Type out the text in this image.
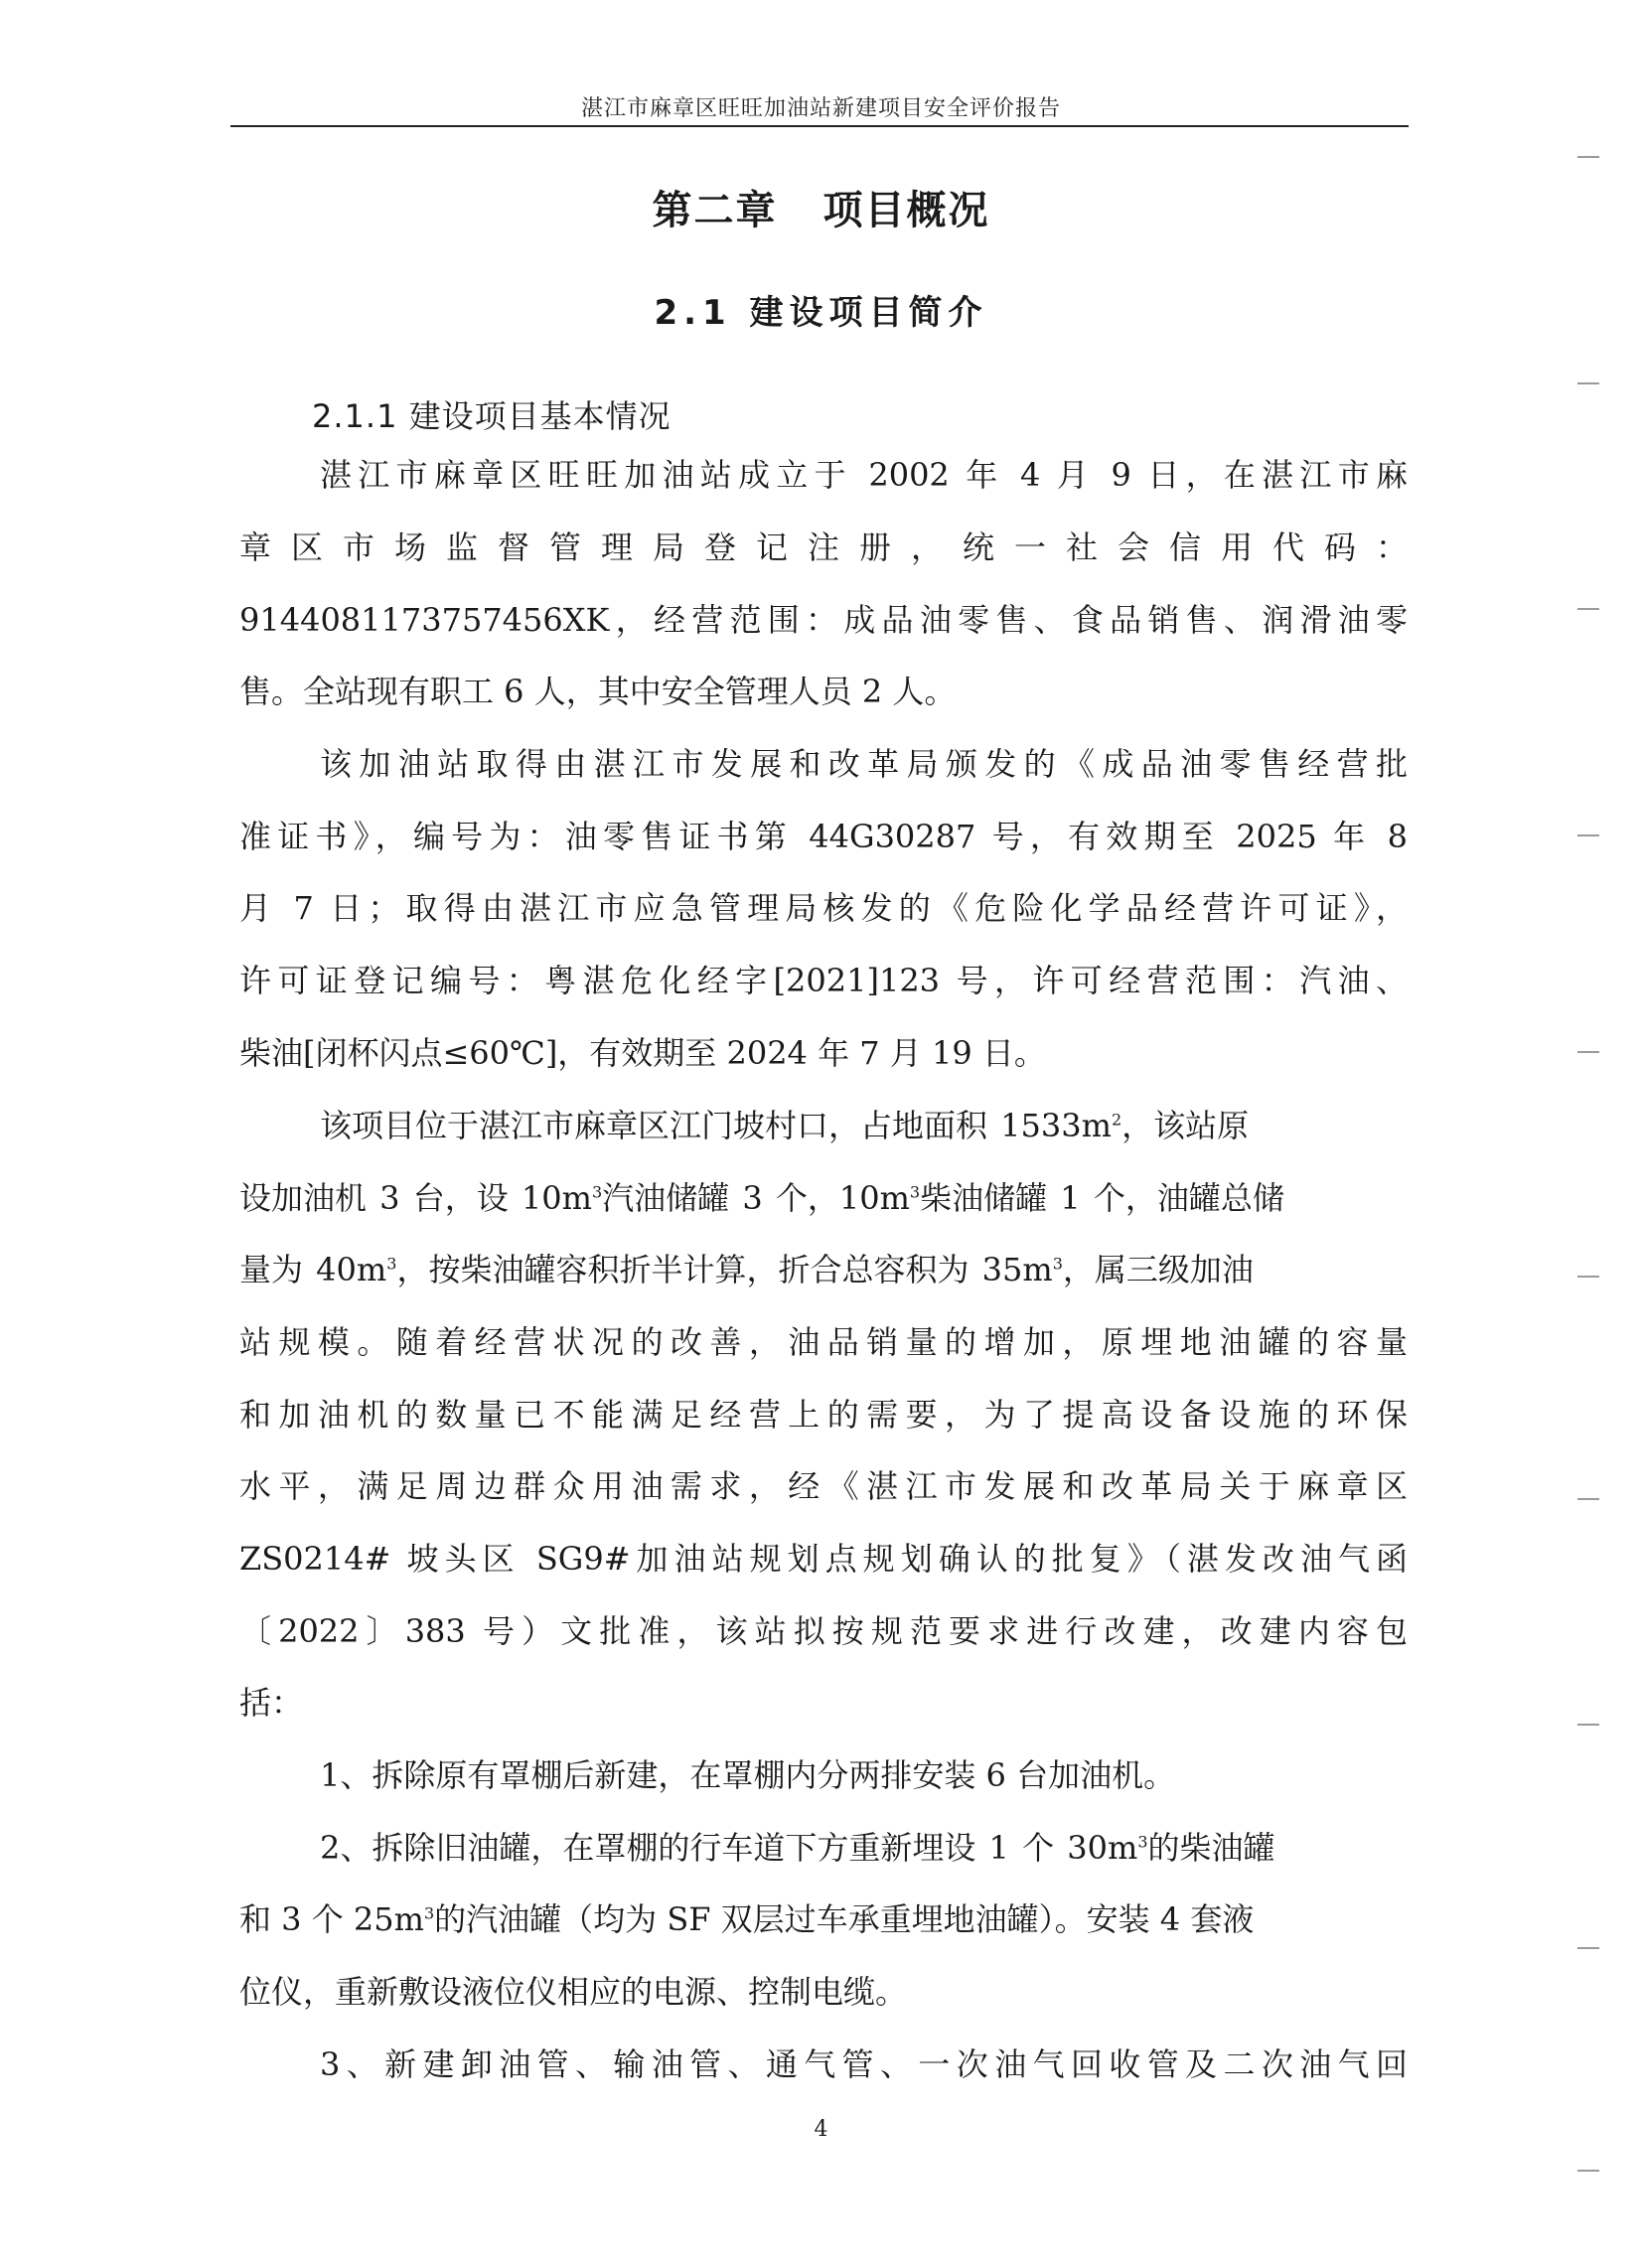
湛江市麻章区旺旺加油站新建项目安全评价报告
第二章 项目概况
2.1 建设项目简介
2.1.1 建设项目基本情况
湛江市麻章区旺旺加油站成立于 2002 年 4 月 9 日，在湛江市麻
章区市场监督管理局登记注册，统一社会信用代码：
9144081173757456XK，经营范围：成品油零售、食品销售、润滑油零
售。全站现有职工 6 人，其中安全管理人员 2 人。
该加油站取得由湛江市发展和改革局颁发的《成品油零售经营批
准证书》，编号为：油零售证书第 44G30287 号，有效期至 2025 年 8
月 7 日；取得由湛江市应急管理局核发的《危险化学品经营许可证》，
许可证登记编号：粤湛危化经字[2021]123 号，许可经营范围：汽油、
柴油[闭杯闪点≤60℃]，有效期至 2024 年 7 月 19 日。
该项目位于湛江市麻章区江门坡村口，占地面积 $1533m^2$，该站原
设加油机 3 台，设 $10m^3$汽油储罐 3 个，$10m^3$柴油储罐 1 个，油罐总储
量为 $40m^3$，按柴油罐容积折半计算，折合总容积为 $35m^3$，属三级加油
站规模。随着经营状况的改善，油品销量的增加，原埋地油罐的容量
和加油机的数量已不能满足经营上的需要，为了提高设备设施的环保
水平，满足周边群众用油需求，经《湛江市发展和改革局关于麻章区
ZS0214# 坡头区 SG9#加油站规划点规划确认的批复》（湛发改油气函
〔2022〕383 号）文批准，该站拟按规范要求进行改建，改建内容包
括：
1、拆除原有罩棚后新建，在罩棚内分两排安装 6 台加油机。
2、拆除旧油罐，在罩棚的行车道下方重新埋设 1 个 $30m^3$的柴油罐
和 3 个 $25m^3$的汽油罐（均为 SF 双层过车承重埋地油罐）。安装 4 套液
位仪，重新敷设液位仪相应的电源、控制电缆。
3、新建卸油管、输油管、通气管、一次油气回收管及二次油气回
4
